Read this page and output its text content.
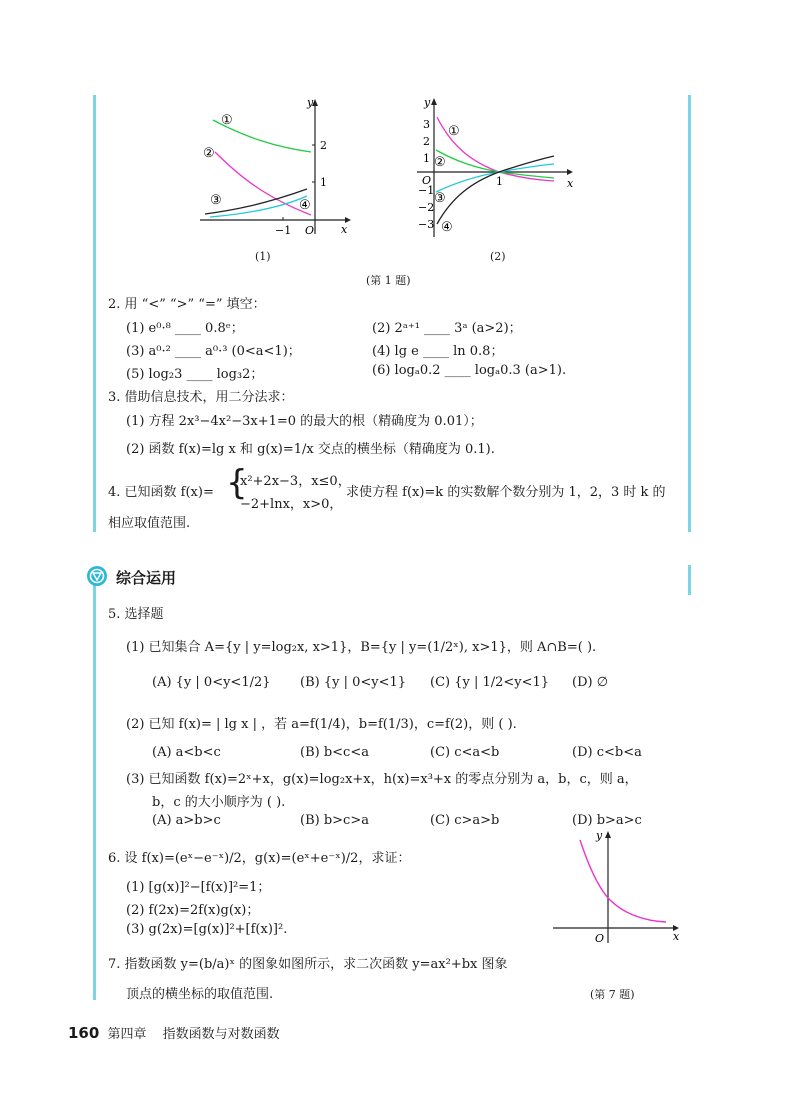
y
x
O
2
1
−1
①
②
③	④
(1)
y
x
O
3
2
1
−1
−2
−3
1
①
②
③
④
(2)
(第 1 题)
2. 用 “<” “>” “=” 填空：
(1) e⁰·⁸ ____ 0.8ᵉ；	(2) 2ᵃ⁺¹ ____ 3ᵃ (a>2)；
(3) a⁰·² ____ a⁰·³ (0<a<1)；	(4) lg e ____ ln 0.8；
(5) log₂3 ____ log₃2；	(6) logₐ0.2 ____ logₐ0.3 (a>1).
3. 借助信息技术，用二分法求：
(1) 方程 2x³−4x²−3x+1=0 的最大的根（精确度为 0.01）；
(2) 函数 f(x)=lg x 和 g(x)=1/x 交点的横坐标（精确度为 0.1).
4. 已知函数 f(x)= {
x²+2x−3，x≤0，
−2+lnx，x>0，
求使方程 f(x)=k 的实数解个数分别为 1，2，3 时 k 的
相应取值范围.
综合运用
5. 选择题
(1) 已知集合 A={y | y=log₂x, x>1}，B={y | y=(1/2ˣ), x>1}，则 A∩B=( ).
(A) {y | 0<y<1/2} (B) {y | 0<y<1} (C) {y | 1/2<y<1} (D) ∅
(2) 已知 f(x)= | lg x | ，若 a=f(1/4)，b=f(1/3)，c=f(2)，则 ( ).
(A) a<b<c	(B) b<c<a	(C) c<a<b	(D) c<b<a
(3) 已知函数 f(x)=2ˣ+x，g(x)=log₂x+x，h(x)=x³+x 的零点分别为 a，b，c，则 a，
b，c 的大小顺序为 ( ).
(A) a>b>c	(B) b>c>a	(C) c>a>b	(D) b>a>c
6. 设 f(x)=(eˣ−e⁻ˣ)/2，g(x)=(eˣ+e⁻ˣ)/2，求证：
(1) [g(x)]²−[f(x)]²=1；
(2) f(2x)=2f(x)g(x)；
(3) g(2x)=[g(x)]²+[f(x)]².
7. 指数函数 y=(b/a)ˣ 的图象如图所示，求二次函数 y=ax²+bx 图象
顶点的横坐标的取值范围.
y
x
O
(第 7 题)
160 第四章 指数函数与对数函数
